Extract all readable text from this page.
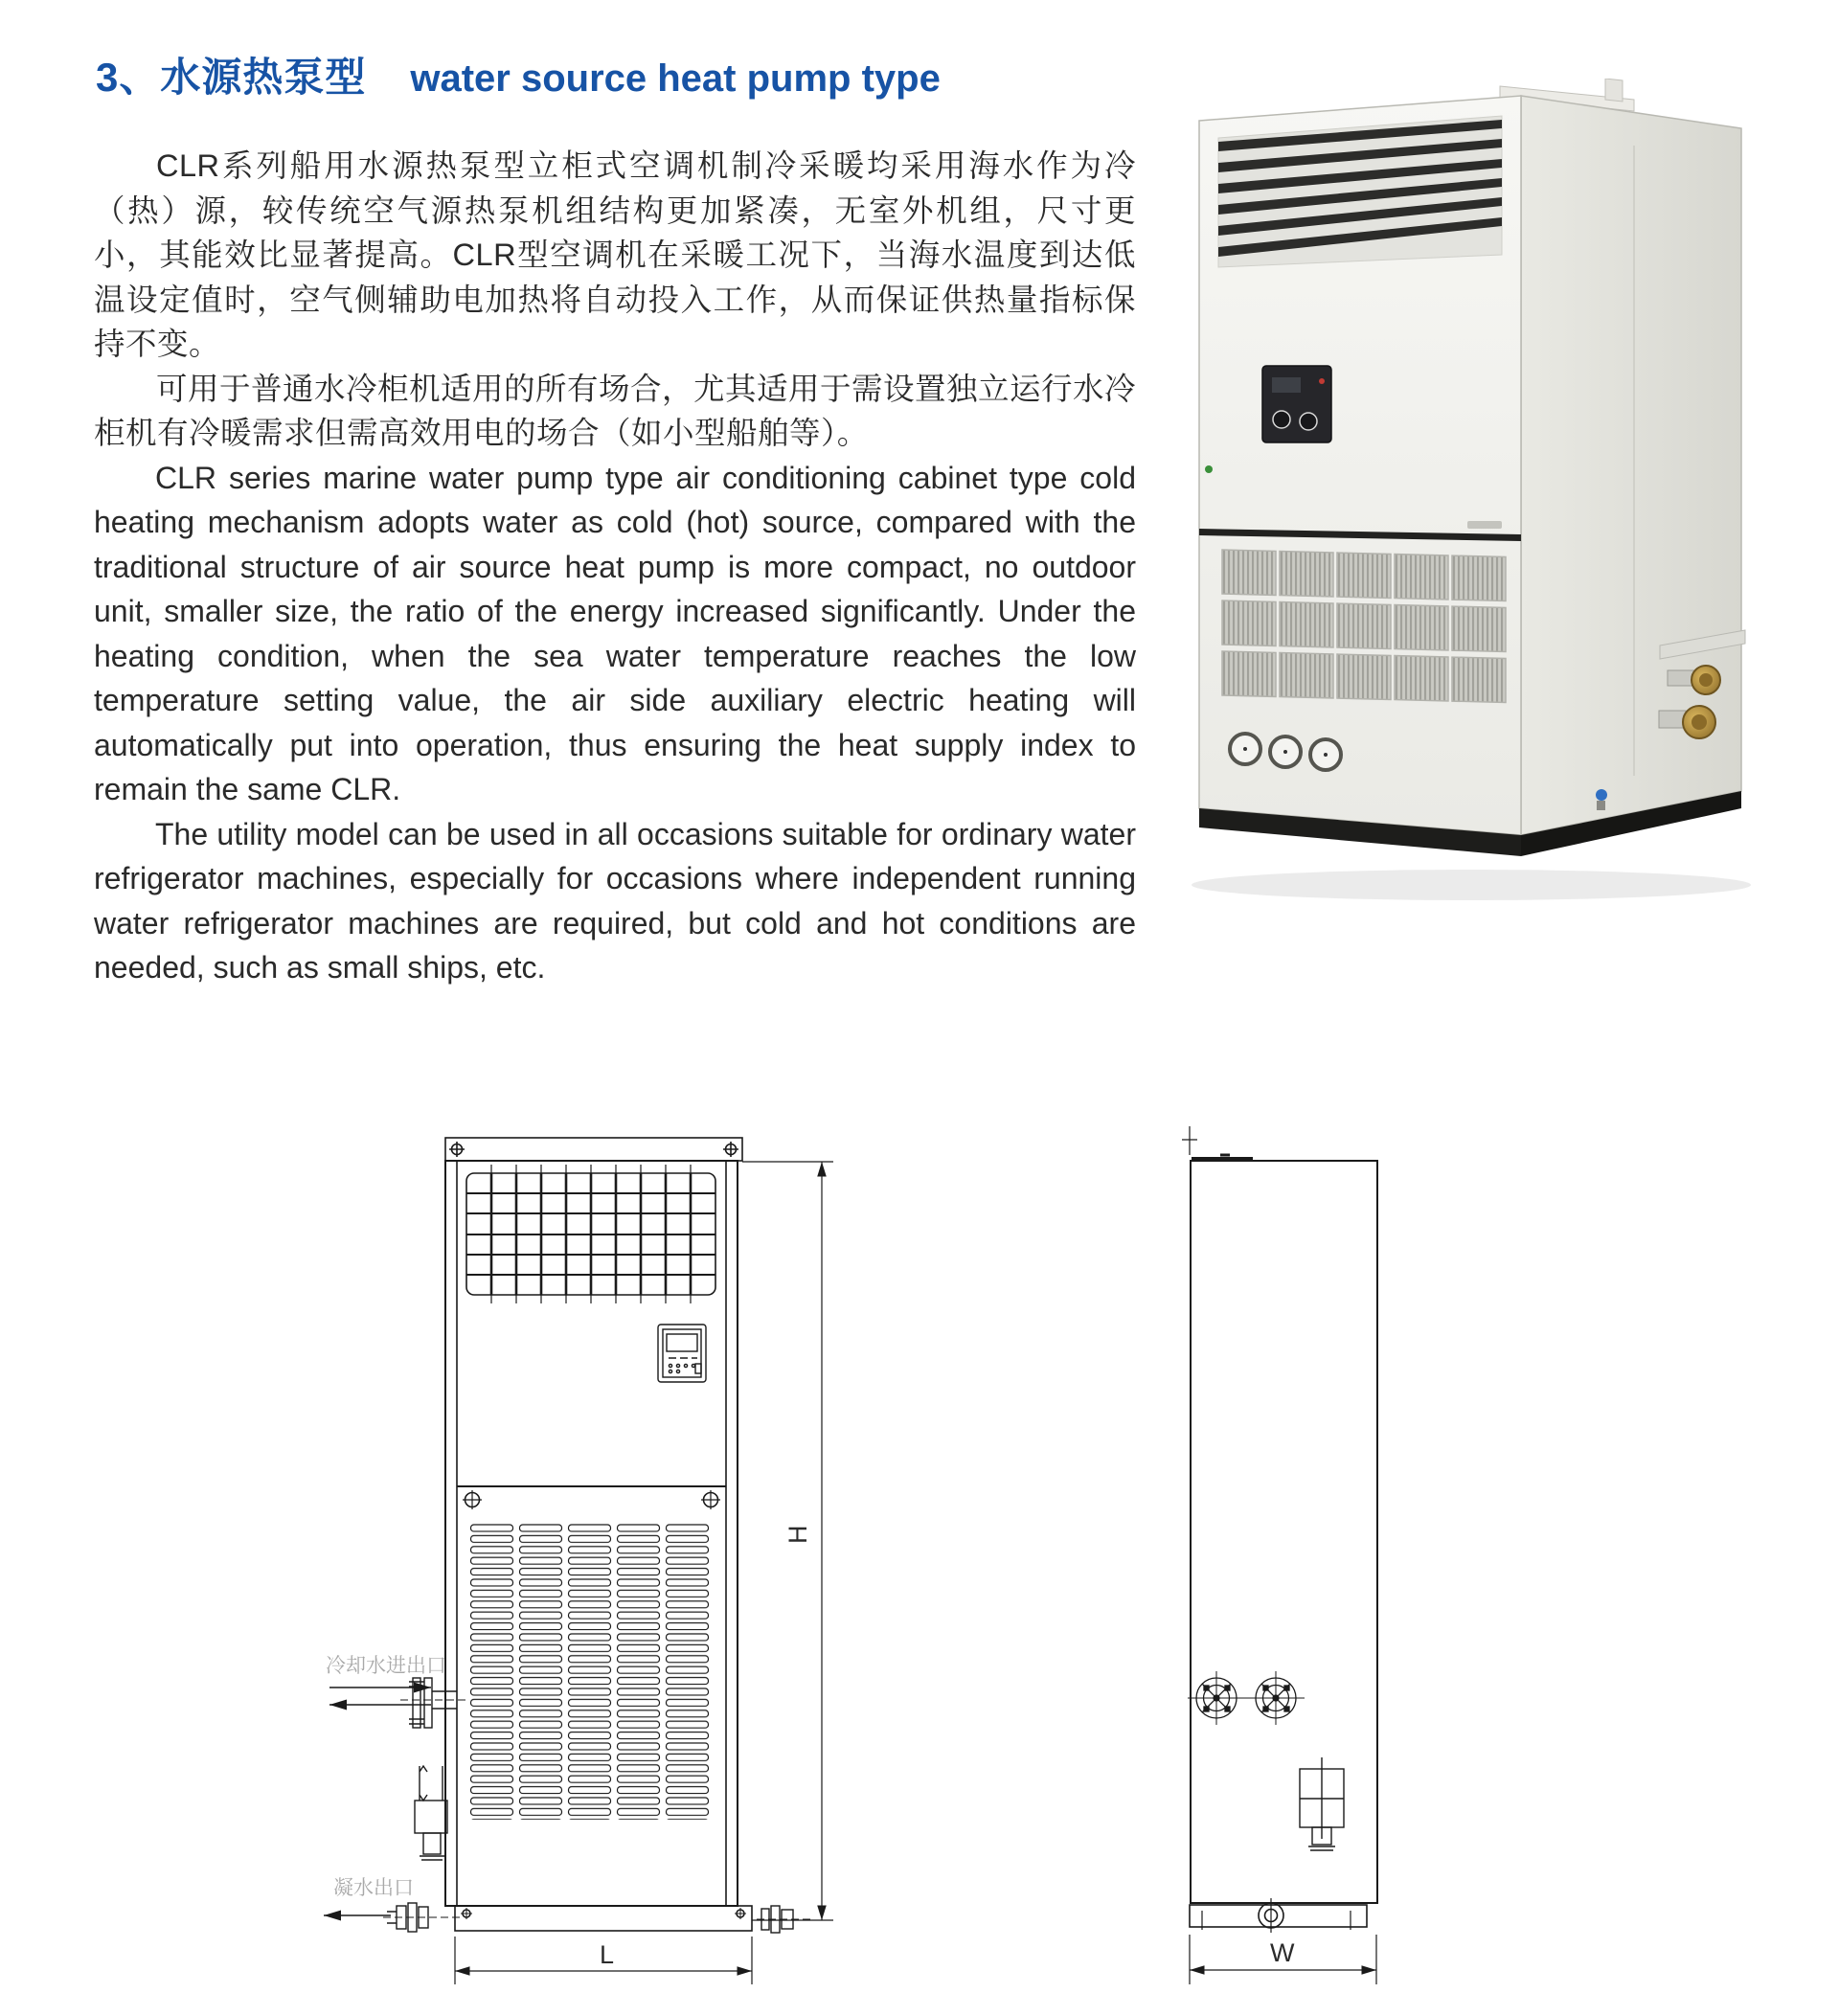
3、水源热泵型 water source heat pump type

CLR系列船用水源热泵型立柜式空调机制冷采暖均采用海水作为冷（热）源，较传统空气源热泵机组结构更加紧凑，无室外机组，尺寸更小，其能效比显著提高。CLR型空调机在采暖工况下，当海水温度到达低温设定值时，空气侧辅助电加热将自动投入工作，从而保证供热量指标保持不变。

可用于普通水冷柜机适用的所有场合，尤其适用于需设置独立运行水冷柜机有冷暖需求但需高效用电的场合（如小型船舶等）。

CLR series marine water pump type air conditioning cabinet type cold heating mechanism adopts water as cold (hot) source, compared with the traditional structure of air source heat pump is more compact, no outdoor unit, smaller size, the ratio of the energy increased significantly. Under the heating condition, when the sea water temperature reaches the low temperature setting value, the air side auxiliary electric heating will automatically put into operation, thus ensuring the heat supply index to remain the same CLR.

The utility model can be used in all occasions suitable for ordinary water refrigerator machines, especially for occasions where independent running water refrigerator machines are required, but cold and hot conditions are needed, such as small ships, etc.

冷却水进出口
凝水出口
L
H
W
